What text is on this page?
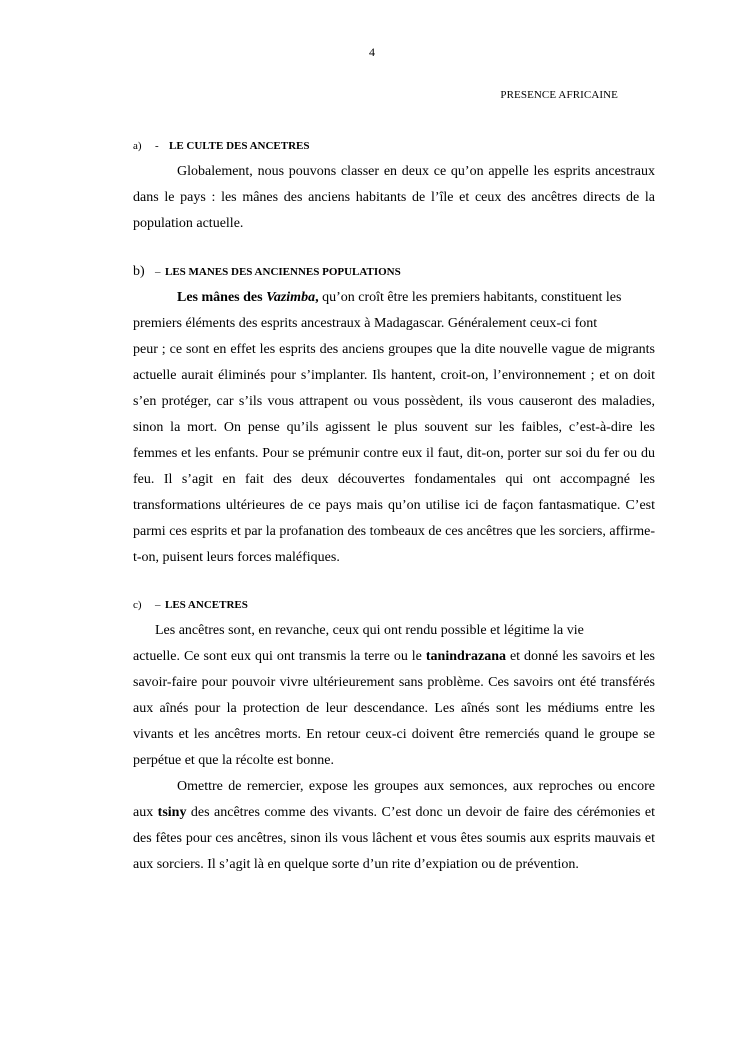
4
PRESENCE AFRICAINE
a) - LE CULTE DES ANCETRES

Globalement, nous pouvons classer en deux ce qu’on appelle les esprits ancestraux dans le pays : les mânes des anciens habitants de l’île et ceux des ancêtres directs de la population actuelle.

b) – LES MANES DES ANCIENNES POPULATIONS

Les mânes des Vazimba, qu’on croît être les premiers habitants, constituent les

premiers éléments des esprits ancestraux à Madagascar. Généralement ceux-ci font

peur ; ce sont en effet les esprits des anciens groupes que la dite nouvelle vague de migrants actuelle aurait éliminés pour s’implanter. Ils hantent, croit-on, l’environnement ; et on doit s’en protéger, car s’ils vous attrapent ou vous possèdent, ils vous causeront des maladies, sinon la mort. On pense qu’ils agissent le plus souvent sur les faibles, c’est-à-dire les femmes et les enfants. Pour se prémunir contre eux il faut, dit-on, porter sur soi du fer ou du feu. Il s’agit en fait des deux découvertes fondamentales qui ont accompagné les transformations ultérieures de ce pays mais qu’on utilise ici de façon fantasmatique. C’est parmi ces esprits et par la profanation des tombeaux de ces ancêtres que les sorciers, affirme-t-on, puisent leurs forces maléfiques.

c) – LES ANCETRES

Les ancêtres sont, en revanche, ceux qui ont rendu possible et légitime la vie

actuelle. Ce sont eux qui ont transmis la terre ou le tanindrazana et donné les savoirs et les savoir-faire pour pouvoir vivre ultérieurement sans problème. Ces savoirs ont été transférés aux aînés pour la protection de leur descendance. Les aînés sont les médiums entre les vivants et les ancêtres morts. En retour ceux-ci doivent être remerciés quand le groupe se perpétue et que la récolte est bonne.

Omettre de remercier, expose les groupes aux semonces, aux reproches ou encore aux tsiny des ancêtres comme des vivants. C’est donc un devoir de faire des cérémonies et des fêtes pour ces ancêtres, sinon ils vous lâchent et vous êtes soumis aux esprits mauvais et aux sorciers. Il s’agit là en quelque sorte d’un rite d’expiation ou de prévention.
